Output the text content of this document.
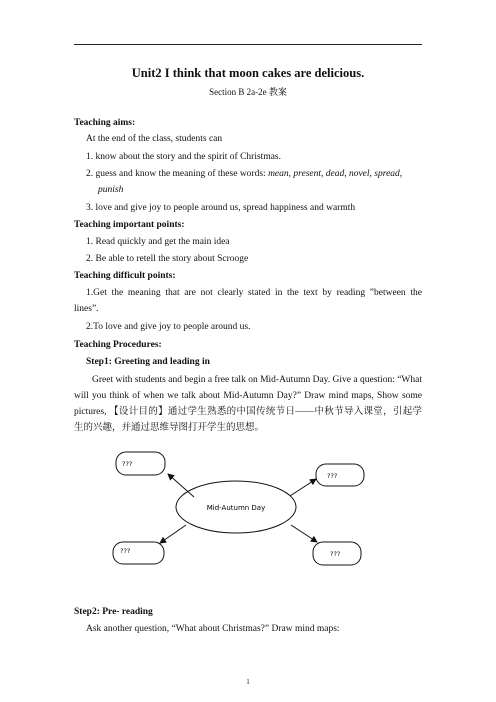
Unit2 I think that moon cakes are delicious.
Section B 2a-2e 教案
Teaching aims:
At the end of the class, students can
1. know about the story and the spirit of Christmas.
2. guess and know the meaning of these words: mean, present, dead, novel, spread,
punish
3. love and give joy to people around us, spread happiness and warmth
Teaching important points:
1. Read quickly and get the main idea
2. Be able to retell the story about Scrooge
Teaching difficult points:
1.Get the meaning that are not clearly stated in the text by reading ”between the
lines”.
2.To love and give joy to people around us.
Teaching Procedures:
Step1: Greeting and leading in
Greet with students and begin a free talk on Mid-Autumn Day. Give a question: “What will you think of when we talk about Mid-Autumn Day?” Draw mind maps, Show some pictures, 【设计目的】通过学生熟悉的中国传统节日——中秋节导入课堂，引起学生的兴趣，并通过思维导图打开学生的思想。
Mid-Autumn Day
???
???
???	???
Step2: Pre- reading
Ask another question, “What about Christmas?” Draw mind maps:
1
